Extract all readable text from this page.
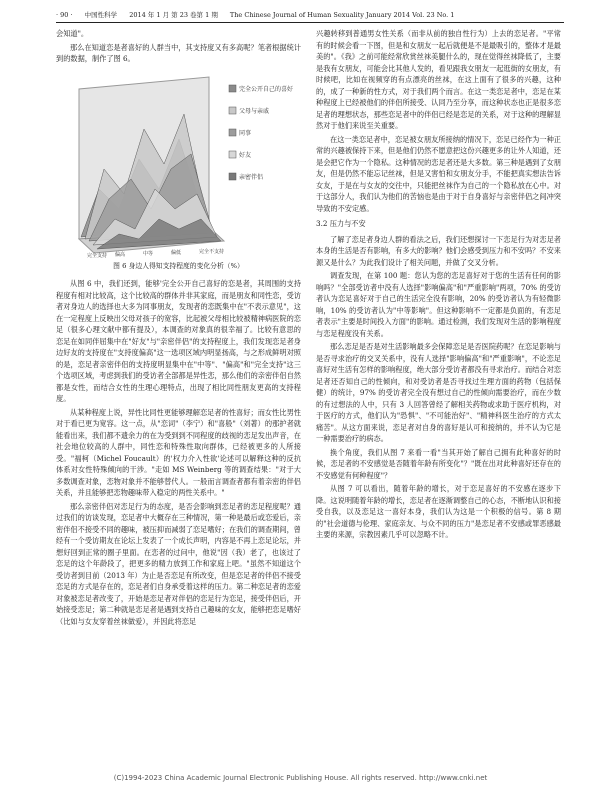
· 90 · 中国性科学 2014 年 1 月 第 23 卷第 1 期 The Chinese Journal of Human Sexuality January 2014 Vol. 23 No. 1

会知道"。

那么在知道恋是者喜好的人群当中，其支持度又有多高呢？笔者根据统计到的数据，制作了图 6。

完全公开自己的喜好
父母与亲戚
同事
好友
亲密伴侣
完全支持 偏高	中等	偏低	完全不支持
图 6 身边人得知支持程度的变化分析（%）

从图 6 中，我们还到，能够'完全公开自己喜好的恋是者，其周围的支持程度有相对比较高，这个比较高的群体并非其家庭，而是朋友和同性恋，受访者对身边人的选择也大多为同事朋友，发现者的恋既集中在"不表示意见"，这在一定程度上反映出父母对孩子的宽容，比起被父母相比较被精神病医院的恋足（很多心理文献中都有提及），本调查的对象真的很幸福了。比较有意思的恋足在如同伴屈集中在"好友"与"亲密伴侣"的支持程度上，我们发现恋足者身边好友的支持度在"支持度偏高"这一选项区域内明显扬高，与之形成鲜明对照的是，恋足者亲密伴侣的支持度明显集中在"中等"、"偏高"和"完全支持"这三个选项区域，考虑到我们的受访者全部都是异性恋，那么他们的亲密伴侣自然都是女性，而结合女性的生理心理特点，出现了相比同性朋友更高的支持程度。

从某种程度上说，异性比同性更能够理解恋足者的性喜好；而女性比男性对于看已更为宽容。这一点，从"恋词"（李宁）和"喜般"（刘著）的那护者就能看出来，我们都不遗余力的在为受到到不同程度的歧视的恋足发出声音，在社会地位较高的人群中，同性恋和特殊性取向群体，已经被更多的人所接受。"福柯（Michel Foucault）的'权力介入性欲'论述可以解释这种的反抗体系对女性特殊倾向的干涉。"走如 MS Weinberg 等的调查结果："对于大多数调查对象，恋物对象并不能够替代人。一般而言调查者都有着亲密的伴侣关系，并且能够把恋物趣味带入稳定的两性关系中。"

那么亲密伴侣对恋足行为的态度，是否会影响到恋足者的恋足程度呢？通过我们的访谈发现，恋足者中大概存在三种情况，第一种是最后或恋爱后，亲密伴侣不接受不同的趣味，被压抑而减弱了恋足嗜好；在我们的调查期间，曾经有一个受访期友在论坛上发表了一个成长声明，内容是不再上恋足论坛，并想好回到正常的圈子里面。在恋者的过问中，他说"因（我）老了，也该过了恋足的这个年龄段了，把更多的精力放到工作和家庭上吧。"虽然不知道这个受访者到目前（2013 年）为止是否恋足有所改变，但是恋足者的伴侣不接受恋足的方式是存在的，恋足者们自身承受着这样的压力。第二种恋足者的恋爱对象被恋足者改变了，开始是恋足者对伴侣的恋足行为恋足，接受伴侣后，开始接受恋足；第二种就是恋足者是遇到支持自己趣味的女友，能够把恋足嗜好（比如与女友穿着丝袜做爱），并因此将恋足

兴趣转移到普通男女性关系（而非从前的独自性行为）上去的恋足者。"平常有的时候会看一下图，但是和女朋友一起后就便是不是最吸引的，整体才是最美的"。《我》之前可能经常欣赏丝袜美腿什么的，现在觉得丝袜降低了，主要是我有女朋友，可能会比其他人发的，看见跟我女朋友一起逛街的女朋友，有时候吧，比如在视频穿的有点漂亮的丝袜，在这上面有了很多的兴趣，这种的，成了一种新的性方式，对于我们两个而言。在这一类恋足者中，恋足在某种程度上已经被他们的伴侣所接受、认同乃至分享，而这种状态也正是很多恋足者的理想状态，那些恋足者中的伴侣已经是恋足的关系，对于这种的理解显然对于他们来说至关重要。

在这一类恋足者中，恋足被女朋友所接纳的情况下，恋足已经作为一种正常的兴趣被保持下来，但是他们仍然不愿意把这份兴趣更多的让外人知道，还是会把它作为一个隐私。这种情况的恋足者还是大多数。第三种是遇到了女朋友，但是仍然不能忘记丝袜，但是又害怕和女朋友分手，不能把真实想法告诉女友，于是在与女友的交往中，只能把丝袜作为自己的一个隐私放在心中。对于这部分人，我们认为他们的苦恼也是由于对于自身喜好与亲密伴侣之间冲突导致的不安定感。

3.2 压力与不安

了解了恋足者身边人群的看法之后，我们还想探讨一下恋足行为对恋足者本身的生活是否有影响，有多大的影响？他们会感受到压力和不安吗？不安来源又是什么？为此我们设计了相关问题，并做了交叉分析。

调查发现，在第 100 题：您认为您的恋足喜好对于您的生活有任何的影响吗？"全部受访者中没有人选择"影响偏高"和"严重影响"两项，70% 的受访者认为恋足喜好对于自己的生活完全没有影响，20% 的受访者认为有轻微影响，10% 的受访者认为"中等影响"。但这种影响不一定都是负面的，有恋足者表示"主要是时间投入方面"的影响。通过检测，我们发现对生活的影响程度与恋足程度没有关系。

那么恋足是否是对生活影响最多会保障恋足是否医院药呢？在恋足影响与是否寻求治疗的交叉关系中，没有人选择"影响偏高"和"严重影响"，不论恋足喜好对生活有怎样的影响程度，绝大部分受访者都没有寻求治疗。而结合对恋足者还否知自己的性倾向，和对受访者是否寻找过生理方面的药物（包括保健）的统计，97% 的受访者完全没有想过自己的性倾向需要治疗，而在少数的有过想法的人中，只有 3 人回答曾经了解相关药物或求助于医疗机构，对于医疗的方式，他们认为"恐惧"、"不可能治好"、"精神科医生治疗的方式太痛苦"。从这方面来说，恋足者对自身的喜好是认可和接纳的，并不认为它是一种需要治疗的病态。

换个角度，我们从图 7 来看一看"当其开始了解自己拥有此种喜好的时候，恋足者的不安感觉是否随着年龄有所变化"？"既在出对此种喜好还存在的不安感觉有何种程度"？

从图 7 可以看出，随着年龄的增长，对于恋足喜好的不安感在逐步下降。这说明随着年龄的增长，恋足者在逐渐调整自己的心态，不断地认识和接受自我，以及恋足这一喜好本身，我们认为这是一个积极的信号。第 8 期的"社会道德与伦理、家庭亲友、与众不同的压力"是恋足者不安感或罪恶感最主要的来源，宗教因素几乎可以忽略不计。

(C)1994-2023 China Academic Journal Electronic Publishing House. All rights reserved. http://www.cnki.net
